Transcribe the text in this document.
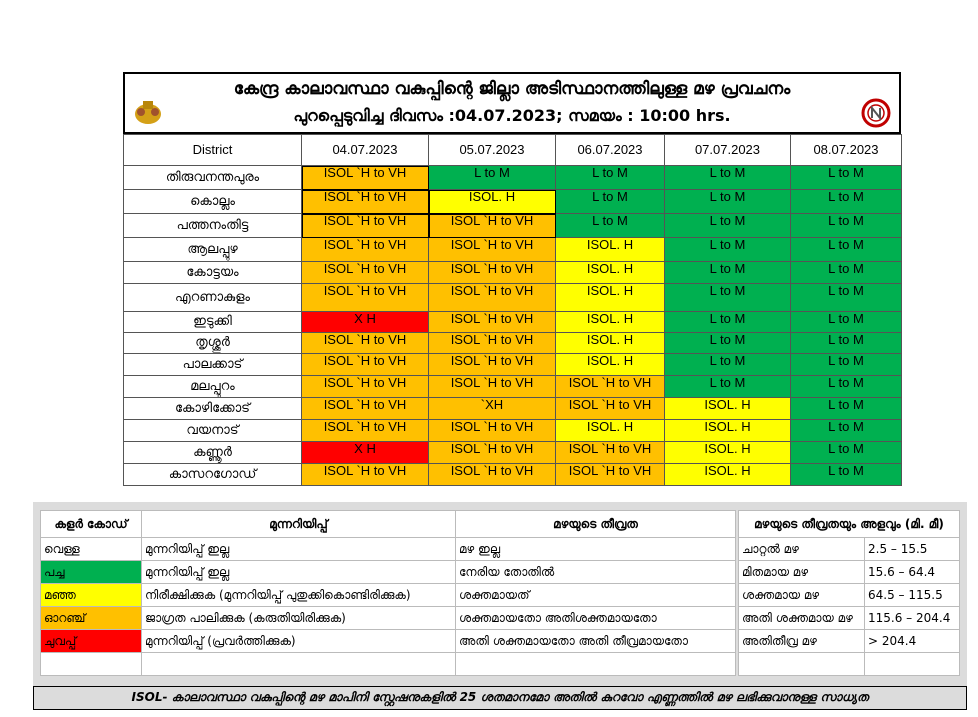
കേന്ദ്ര കാലാവസ്ഥാ വകുപ്പിന്റെ ജില്ലാ അടിസ്ഥാനത്തിലുള്ള മഴ പ്രവചനം
പുറപ്പെടുവിച്ച ദിവസം :04.07.2023; സമയം : 10:00 hrs.
District	04.07.2023	05.07.2023	06.07.2023	07.07.2023	08.07.2023
തിരുവനന്തപുരം	ISOL `H to VH	L to M	L to M	L to M	L to M
കൊല്ലം	ISOL `H to VH	ISOL. H	L to M	L to M	L to M
പത്തനംതിട്ട	ISOL `H to VH	ISOL `H to VH	L to M	L to M	L to M
ആലപ്പുഴ	ISOL `H to VH	ISOL `H to VH	ISOL. H	L to M	L to M
കോട്ടയം	ISOL `H to VH	ISOL `H to VH	ISOL. H	L to M	L to M
എറണാകുളം	ISOL `H to VH	ISOL `H to VH	ISOL. H	L to M	L to M
ഇടുക്കി	X H	ISOL `H to VH	ISOL. H	L to M	L to M
തൃശ്ശൂർ	ISOL `H to VH	ISOL `H to VH	ISOL. H	L to M	L to M
പാലക്കാട്	ISOL `H to VH	ISOL `H to VH	ISOL. H	L to M	L to M
മലപ്പുറം	ISOL `H to VH	ISOL `H to VH	ISOL `H to VH	L to M	L to M
കോഴിക്കോട്	ISOL `H to VH	`XH	ISOL `H to VH	ISOL. H	L to M
വയനാട്	ISOL `H to VH	ISOL `H to VH	ISOL. H	ISOL. H	L to M
കണ്ണൂർ	X H	ISOL `H to VH	ISOL `H to VH	ISOL. H	L to M
കാസറഗോഡ്	ISOL `H to VH	ISOL `H to VH	ISOL `H to VH	ISOL. H	L to M
കളർ കോഡ്	മുന്നറിയിപ്പ്	മഴയുടെ തീവ്രത
വെള്ള	മുന്നറിയിപ്പ് ഇല്ല	മഴ ഇല്ല
പച്ച	മുന്നറിയിപ്പ് ഇല്ല	നേരിയ തോതിൽ
മഞ്ഞ	നിരീക്ഷിക്കുക (മുന്നറിയിപ്പ് പുതുക്കികൊണ്ടിരിക്കുക)	ശക്തമായത്
ഓറഞ്ച്	ജാഗ്രത പാലിക്കുക (കരുതിയിരിക്കുക)	ശക്തമായതോ അതിശക്തമായതോ
ചുവപ്പ്	മുന്നറിയിപ്പ് (പ്രവർത്തിക്കുക)	അതി ശക്തമായതോ അതി തീവ്രമായതോ

മഴയുടെ തീവ്രതയും അളവും (മി. മീ)	
ചാറ്റൽ മഴ	2.5 – 15.5
മിതമായ മഴ	15.6 – 64.4
ശക്തമായ മഴ	64.5 – 115.5
അതി ശക്തമായ മഴ	115.6 – 204.4
അതിതീവ്ര മഴ	> 204.4

ISOL- കാലാവസ്ഥാ വകുപ്പിന്റെ മഴ മാപിനി സ്റ്റേഷനുകളിൽ 25 ശതമാനമോ അതിൽ കുറവോ എണ്ണത്തിൽ മഴ ലഭിക്കുവാനുള്ള സാധ്യത
